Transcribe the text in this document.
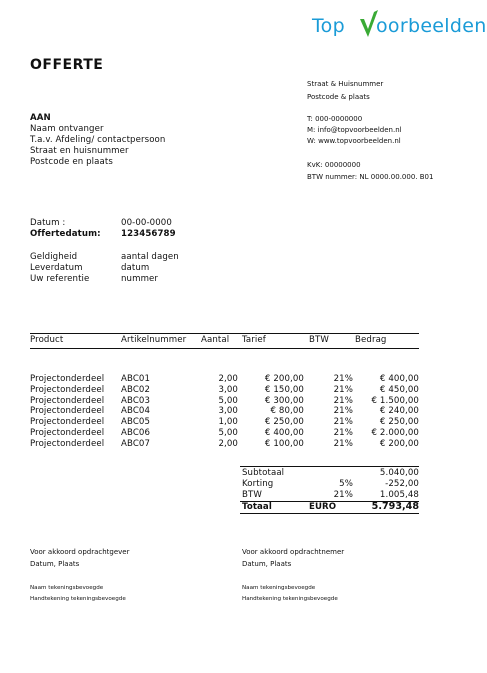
Top oorbeelden
OFFERTE
Straat & Huisnummer
Postcode & plaats
T: 000-0000000
M: info@topvoorbeelden.nl
W: www.topvoorbeelden.nl
KvK: 00000000
BTW nummer: NL 0000.00.000. B01
AAN
Naam ontvanger
T.a.v. Afdeling/ contactpersoon
Straat en huisnummer
Postcode en plaats
Datum :	00-00-0000
Offertedatum: 123456789
Geldigheid	aantal dagen
Leverdatum	datum
Uw referentie	nummer
Product	Artikelnummer Aantal Tarief	BTW	Bedrag
Projectonderdeel ABC01	2,00	€ 200,00	21%	€ 400,00
Projectonderdeel ABC02	3,00	€ 150,00	21%	€ 450,00
Projectonderdeel ABC03	5,00	€ 300,00	21% € 1.500,00
Projectonderdeel ABC04	3,00	€ 80,00	21%	€ 240,00
Projectonderdeel ABC05	1,00	€ 250,00	21%	€ 250,00
Projectonderdeel ABC06	5,00	€ 400,00	21% € 2.000,00
Projectonderdeel ABC07	2,00	€ 100,00	21%	€ 200,00
Subtotaal	5.040,00
Korting	5%	-252,00
BTW	21%	1.005,48
Totaal	EURO	5.793,48
Voor akkoord opdrachtgever
Datum, Plaats
Naam tekeningsbevoegde
Handtekening tekeningsbevoegde
Voor akkoord opdrachtnemer
Datum, Plaats
Naam tekeningsbevoegde
Handtekening tekeningsbevoegde
